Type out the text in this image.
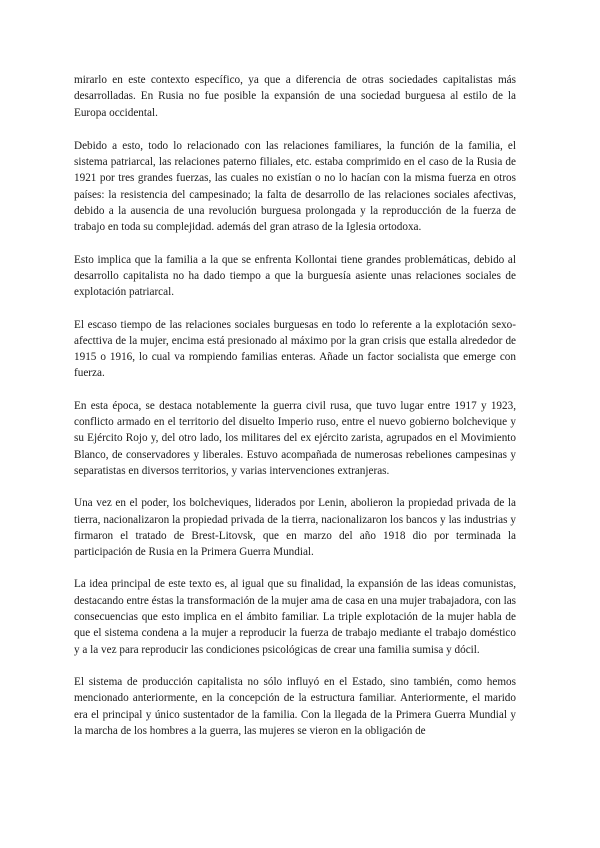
mirarlo en este contexto específico, ya que a diferencia de otras sociedades capitalistas más desarrolladas. En Rusia no fue posible la expansión de una sociedad burguesa al estilo de la Europa occidental.

Debido a esto, todo lo relacionado con las relaciones familiares, la función de la familia, el sistema patriarcal, las relaciones paterno filiales, etc. estaba comprimido en el caso de la Rusia de 1921 por tres grandes fuerzas, las cuales no existían o no lo hacían con la misma fuerza en otros países: la resistencia del campesinado; la falta de desarrollo de las relaciones sociales afectivas, debido a la ausencia de una revolución burguesa prolongada y la reproducción de la fuerza de trabajo en toda su complejidad. además del gran atraso de la Iglesia ortodoxa.

Esto implica que la familia a la que se enfrenta Kollontai tiene grandes problemáticas, debido al desarrollo capitalista no ha dado tiempo a que la burguesía asiente unas relaciones sociales de explotación patriarcal.

El escaso tiempo de las relaciones sociales burguesas en todo lo referente a la explotación sexo-afecttiva de la mujer, encima está presionado al máximo por la gran crisis que estalla alrededor de 1915 o 1916, lo cual va rompiendo familias enteras. Añade un factor socialista que emerge con fuerza.

En esta época, se destaca notablemente la guerra civil rusa, que tuvo lugar entre 1917 y 1923, conflicto armado en el territorio del disuelto Imperio ruso, entre el nuevo gobierno bolchevique y su Ejército Rojo y, del otro lado, los militares del ex ejército zarista, agrupados en el Movimiento Blanco, de conservadores y liberales. Estuvo acompañada de numerosas rebeliones campesinas y separatistas en diversos territorios, y varias intervenciones extranjeras.

Una vez en el poder, los bolcheviques, liderados por Lenin, abolieron la propiedad privada de la tierra, nacionalizaron la propiedad privada de la tierra, nacionalizaron los bancos y las industrias y firmaron el tratado de Brest-Litovsk, que en marzo del año 1918 dio por terminada la participación de Rusia en la Primera Guerra Mundial.

La idea principal de este texto es, al igual que su finalidad, la expansión de las ideas comunistas, destacando entre éstas la transformación de la mujer ama de casa en una mujer trabajadora, con las consecuencias que esto implica en el ámbito familiar. La triple explotación de la mujer habla de que el sistema condena a la mujer a reproducir la fuerza de trabajo mediante el trabajo doméstico y a la vez para reproducir las condiciones psicológicas de crear una familia sumisa y dócil.

El sistema de producción capitalista no sólo influyó en el Estado, sino también, como hemos mencionado anteriormente, en la concepción de la estructura familiar. Anteriormente, el marido era el principal y único sustentador de la familia. Con la llegada de la Primera Guerra Mundial y la marcha de los hombres a la guerra, las mujeres se vieron en la obligación de
